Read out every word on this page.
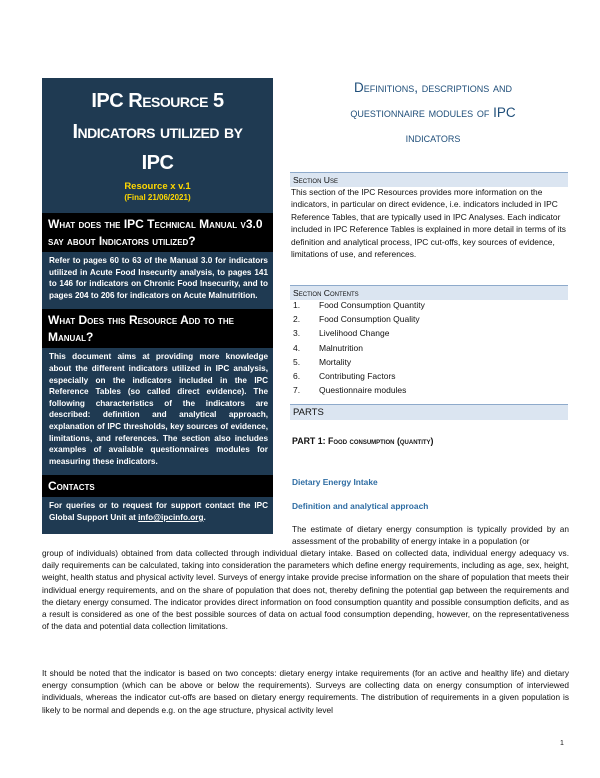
IPC Resource 5
Indicators utilized by
IPC
Resource x v.1
(Final 21/06/2021)
What does the IPC Technical Manual v3.0 say about Indicators utilized?
Refer to pages 60 to 63 of the Manual 3.0 for indicators utilized in Acute Food Insecurity analysis, to pages 141 to 146 for indicators on Chronic Food Insecurity, and to pages 204 to 206 for indicators on Acute Malnutrition.
What Does this Resource Add to the Manual?
This document aims at providing more knowledge about the different indicators utilized in IPC analysis, especially on the indicators included in the IPC Reference Tables (so called direct evidence). The following characteristics of the indicators are described: definition and analytical approach, explanation of IPC thresholds, key sources of evidence, limitations, and references. The section also includes examples of available questionnaires modules for measuring these indicators.
Contacts
For queries or to request for support contact the IPC Global Support Unit at info@ipcinfo.org.
Definitions, descriptions and
questionnaire modules of IPC
indicators
Section Use
This section of the IPC Resources provides more information on the indicators, in particular on direct evidence, i.e. indicators included in IPC Reference Tables, that are typically used in IPC Analyses. Each indicator included in IPC Reference Tables is explained in more detail in terms of its definition and analytical process, IPC cut-offs, key sources of evidence, limitations of use, and references.
Section Contents
1.	Food Consumption Quantity
2.	Food Consumption Quality
3.	Livelihood Change
4.	Malnutrition
5.	Mortality
6.	Contributing Factors
7.	Questionnaire modules
PARTS
PART 1: Food consumption (quantity)
Dietary Energy Intake
Definition and analytical approach
The estimate of dietary energy consumption is typically provided by an assessment of the probability of energy intake in a population (or
group of individuals) obtained from data collected through individual dietary intake. Based on collected data, individual energy adequacy vs. daily requirements can be calculated, taking into consideration the parameters which define energy requirements, including as age, sex, height, weight, health status and physical activity level. Surveys of energy intake provide precise information on the share of population that meets their individual energy requirements, and on the share of population that does not, thereby defining the potential gap between the requirements and the dietary energy consumed. The indicator provides direct information on food consumption quantity and possible consumption deficits, and as a result is considered as one of the best possible sources of data on actual food consumption depending, however, on the representativeness of the data and potential data collection limitations.
It should be noted that the indicator is based on two concepts: dietary energy intake requirements (for an active and healthy life) and dietary energy consumption (which can be above or below the requirements). Surveys are collecting data on energy consumption of interviewed individuals, whereas the indicator cut-offs are based on dietary energy requirements. The distribution of requirements in a given population is likely to be normal and depends e.g. on the age structure, physical activity level
1
